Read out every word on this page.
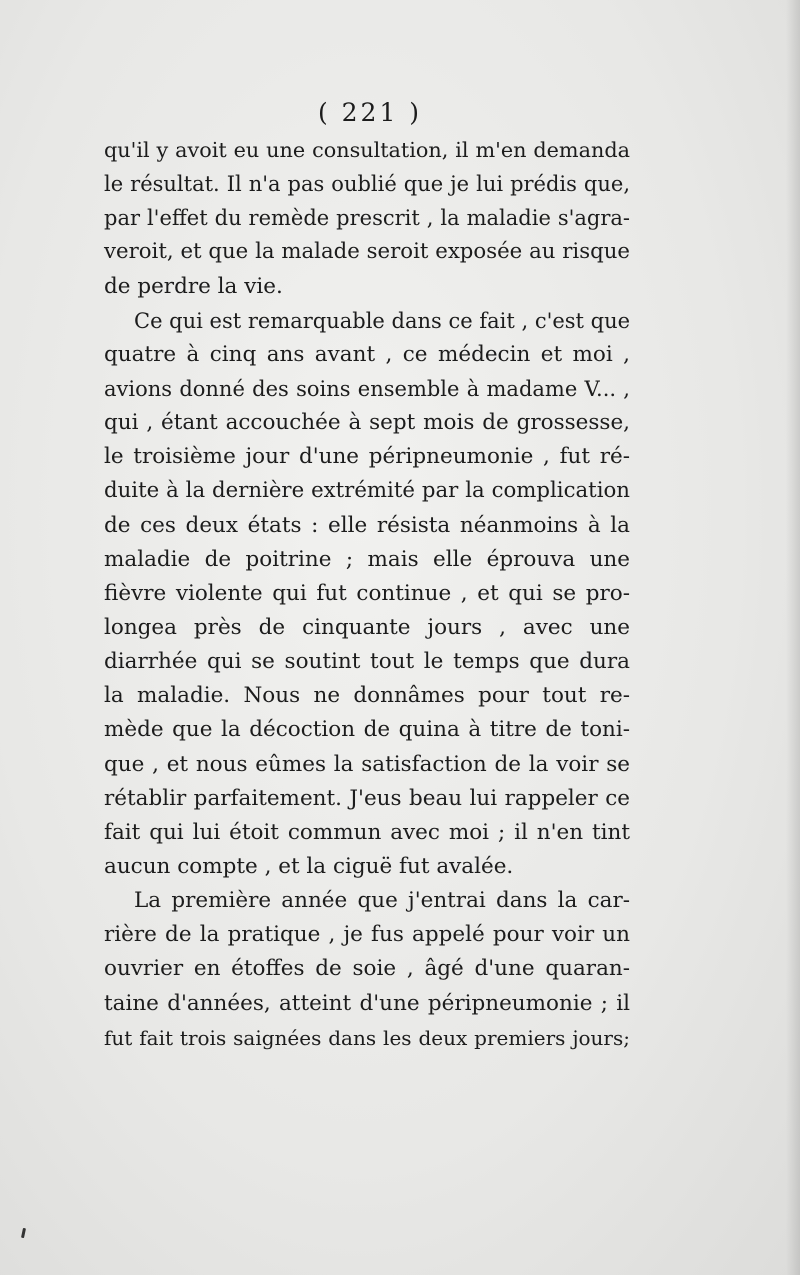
( 221 )
qu'il y avoit eu une consultation, il m'en demanda
le résultat. Il n'a pas oublié que je lui prédis que,
par l'effet du remède prescrit , la maladie s'agra-
veroit, et que la malade seroit exposée au risque
de perdre la vie.
Ce qui est remarquable dans ce fait , c'est que
quatre à cinq ans avant , ce médecin et moi ,
avions donné des soins ensemble à madame V... ,
qui , étant accouchée à sept mois de grossesse,
le troisième jour d'une péripneumonie , fut ré-
duite à la dernière extrémité par la complication
de ces deux états : elle résista néanmoins à la
maladie de poitrine ; mais elle éprouva une
fièvre violente qui fut continue , et qui se pro-
longea près de cinquante jours , avec une
diarrhée qui se soutint tout le temps que dura
la maladie. Nous ne donnâmes pour tout re-
mède que la décoction de quina à titre de toni-
que , et nous eûmes la satisfaction de la voir se
rétablir parfaitement. J'eus beau lui rappeler ce
fait qui lui étoit commun avec moi ; il n'en tint
aucun compte , et la ciguë fut avalée.
La première année que j'entrai dans la car-
rière de la pratique , je fus appelé pour voir un
ouvrier en étoffes de soie , âgé d'une quaran-
taine d'années, atteint d'une péripneumonie ; il
fut fait trois saignées dans les deux premiers jours;
